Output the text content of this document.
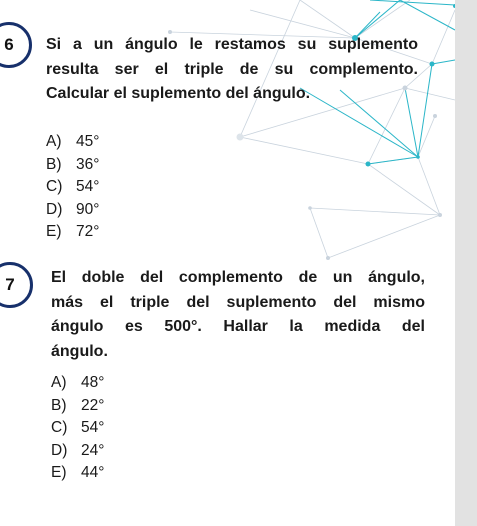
6 Si a un ángulo le restamos su suplemento
resulta ser el triple de su complemento.
Calcular el suplemento del ángulo.

A) 45°
B) 36°
C) 54°
D) 90°
E) 72°
7 El doble del complemento de un ángulo,
más el triple del suplemento del mismo
ángulo es 500°. Hallar la medida del
ángulo.

A) 48°
B) 22°
C) 54°
D) 24°
E) 44°
